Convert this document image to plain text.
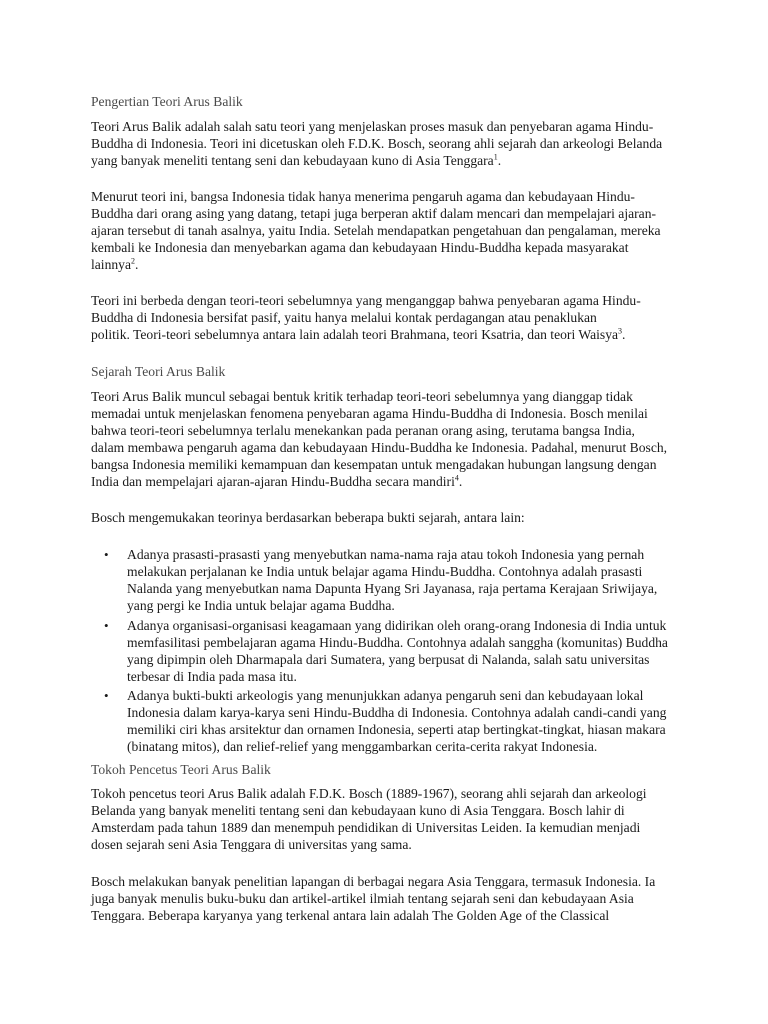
Pengertian Teori Arus Balik
Teori Arus Balik adalah salah satu teori yang menjelaskan proses masuk dan penyebaran agama Hindu-
Buddha di Indonesia. Teori ini dicetuskan oleh F.D.K. Bosch, seorang ahli sejarah dan arkeologi Belanda
yang banyak meneliti tentang seni dan kebudayaan kuno di Asia Tenggara$^1$.
Menurut teori ini, bangsa Indonesia tidak hanya menerima pengaruh agama dan kebudayaan Hindu-
Buddha dari orang asing yang datang, tetapi juga berperan aktif dalam mencari dan mempelajari ajaran-
ajaran tersebut di tanah asalnya, yaitu India. Setelah mendapatkan pengetahuan dan pengalaman, mereka
kembali ke Indonesia dan menyebarkan agama dan kebudayaan Hindu-Buddha kepada masyarakat
lainnya$^2$.
Teori ini berbeda dengan teori-teori sebelumnya yang menganggap bahwa penyebaran agama Hindu-
Buddha di Indonesia bersifat pasif, yaitu hanya melalui kontak perdagangan atau penaklukan
politik. Teori-teori sebelumnya antara lain adalah teori Brahmana, teori Ksatria, dan teori Waisya$^3$.
Sejarah Teori Arus Balik
Teori Arus Balik muncul sebagai bentuk kritik terhadap teori-teori sebelumnya yang dianggap tidak
memadai untuk menjelaskan fenomena penyebaran agama Hindu-Buddha di Indonesia. Bosch menilai
bahwa teori-teori sebelumnya terlalu menekankan pada peranan orang asing, terutama bangsa India,
dalam membawa pengaruh agama dan kebudayaan Hindu-Buddha ke Indonesia. Padahal, menurut Bosch,
bangsa Indonesia memiliki kemampuan dan kesempatan untuk mengadakan hubungan langsung dengan
India dan mempelajari ajaran-ajaran Hindu-Buddha secara mandiri$^4$.
Bosch mengemukakan teorinya berdasarkan beberapa bukti sejarah, antara lain:
• Adanya prasasti-prasasti yang menyebutkan nama-nama raja atau tokoh Indonesia yang pernah
melakukan perjalanan ke India untuk belajar agama Hindu-Buddha. Contohnya adalah prasasti
Nalanda yang menyebutkan nama Dapunta Hyang Sri Jayanasa, raja pertama Kerajaan Sriwijaya,
yang pergi ke India untuk belajar agama Buddha.
• Adanya organisasi-organisasi keagamaan yang didirikan oleh orang-orang Indonesia di India untuk
memfasilitasi pembelajaran agama Hindu-Buddha. Contohnya adalah sanggha (komunitas) Buddha
yang dipimpin oleh Dharmapala dari Sumatera, yang berpusat di Nalanda, salah satu universitas
terbesar di India pada masa itu.
• Adanya bukti-bukti arkeologis yang menunjukkan adanya pengaruh seni dan kebudayaan lokal
Indonesia dalam karya-karya seni Hindu-Buddha di Indonesia. Contohnya adalah candi-candi yang
memiliki ciri khas arsitektur dan ornamen Indonesia, seperti atap bertingkat-tingkat, hiasan makara
(binatang mitos), dan relief-relief yang menggambarkan cerita-cerita rakyat Indonesia.
Tokoh Pencetus Teori Arus Balik
Tokoh pencetus teori Arus Balik adalah F.D.K. Bosch (1889-1967), seorang ahli sejarah dan arkeologi
Belanda yang banyak meneliti tentang seni dan kebudayaan kuno di Asia Tenggara. Bosch lahir di
Amsterdam pada tahun 1889 dan menempuh pendidikan di Universitas Leiden. Ia kemudian menjadi
dosen sejarah seni Asia Tenggara di universitas yang sama.
Bosch melakukan banyak penelitian lapangan di berbagai negara Asia Tenggara, termasuk Indonesia. Ia
juga banyak menulis buku-buku dan artikel-artikel ilmiah tentang sejarah seni dan kebudayaan Asia
Tenggara. Beberapa karyanya yang terkenal antara lain adalah The Golden Age of the Classical
